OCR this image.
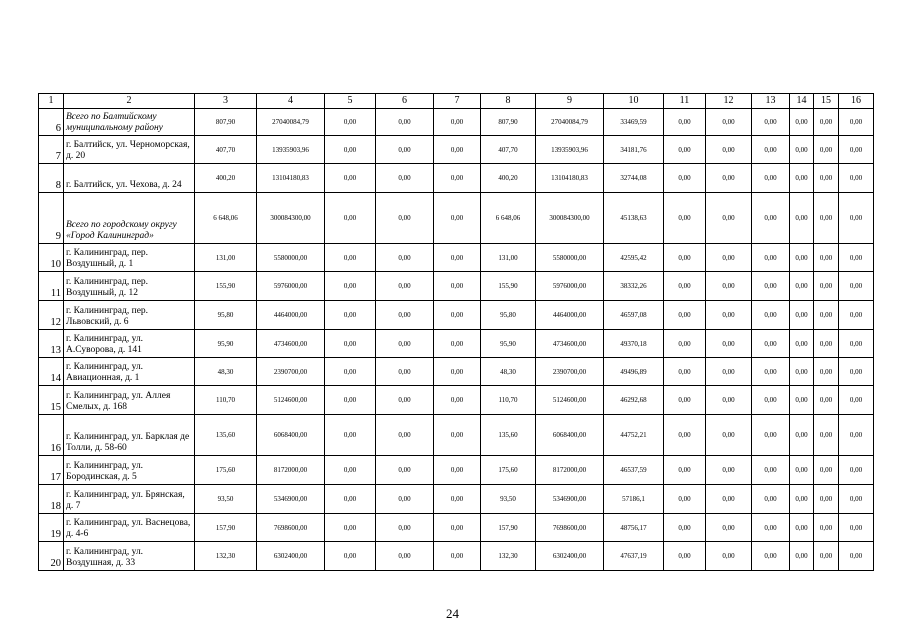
1	2	3	4	5	6	7	8	9	10	11	12	13	14	15	16
6	Всего по Балтийскому муниципальному району	807,90	27040084,79	0,00	0,00	0,00	807,90	27040084,79	33469,59	0,00	0,00	0,00	0,00	0,00	0,00
7	г. Балтийск, ул. Черноморская, д. 20	407,70	13935903,96	0,00	0,00	0,00	407,70	13935903,96	34181,76	0,00	0,00	0,00	0,00	0,00	0,00
8	г. Балтийск, ул. Чехова, д. 24	400,20	13104180,83	0,00	0,00	0,00	400,20	13104180,83	32744,08	0,00	0,00	0,00	0,00	0,00	0,00
9	Всего по городскому округу «Город Калининград»	6 648,06	300084300,00	0,00	0,00	0,00	6 648,06	300084300,00	45138,63	0,00	0,00	0,00	0,00	0,00	0,00
10	г. Калининград, пер. Воздушный, д. 1	131,00	5580000,00	0,00	0,00	0,00	131,00	5580000,00	42595,42	0,00	0,00	0,00	0,00	0,00	0,00
11	г. Калининград, пер. Воздушный, д. 12	155,90	5976000,00	0,00	0,00	0,00	155,90	5976000,00	38332,26	0,00	0,00	0,00	0,00	0,00	0,00
12	г. Калининград, пер. Львовский, д. 6	95,80	4464000,00	0,00	0,00	0,00	95,80	4464000,00	46597,08	0,00	0,00	0,00	0,00	0,00	0,00
13	г. Калининград, ул. А.Суворова, д. 141	95,90	4734600,00	0,00	0,00	0,00	95,90	4734600,00	49370,18	0,00	0,00	0,00	0,00	0,00	0,00
14	г. Калининград, ул. Авиационная, д. 1	48,30	2390700,00	0,00	0,00	0,00	48,30	2390700,00	49496,89	0,00	0,00	0,00	0,00	0,00	0,00
15	г. Калининград, ул. Аллея Смелых, д. 168	110,70	5124600,00	0,00	0,00	0,00	110,70	5124600,00	46292,68	0,00	0,00	0,00	0,00	0,00	0,00
16	г. Калининград, ул. Барклая де Толли, д. 58-60	135,60	6068400,00	0,00	0,00	0,00	135,60	6068400,00	44752,21	0,00	0,00	0,00	0,00	0,00	0,00
17	г. Калининград, ул. Бородинская, д. 5	175,60	8172000,00	0,00	0,00	0,00	175,60	8172000,00	46537,59	0,00	0,00	0,00	0,00	0,00	0,00
18	г. Калининград, ул. Брянская, д. 7	93,50	5346900,00	0,00	0,00	0,00	93,50	5346900,00	57186,1	0,00	0,00	0,00	0,00	0,00	0,00
19	г. Калининград, ул. Васнецова, д. 4-6	157,90	7698600,00	0,00	0,00	0,00	157,90	7698600,00	48756,17	0,00	0,00	0,00	0,00	0,00	0,00
20	г. Калининград, ул. Воздушная, д. 33	132,30	6302400,00	0,00	0,00	0,00	132,30	6302400,00	47637,19	0,00	0,00	0,00	0,00	0,00	0,00
24
